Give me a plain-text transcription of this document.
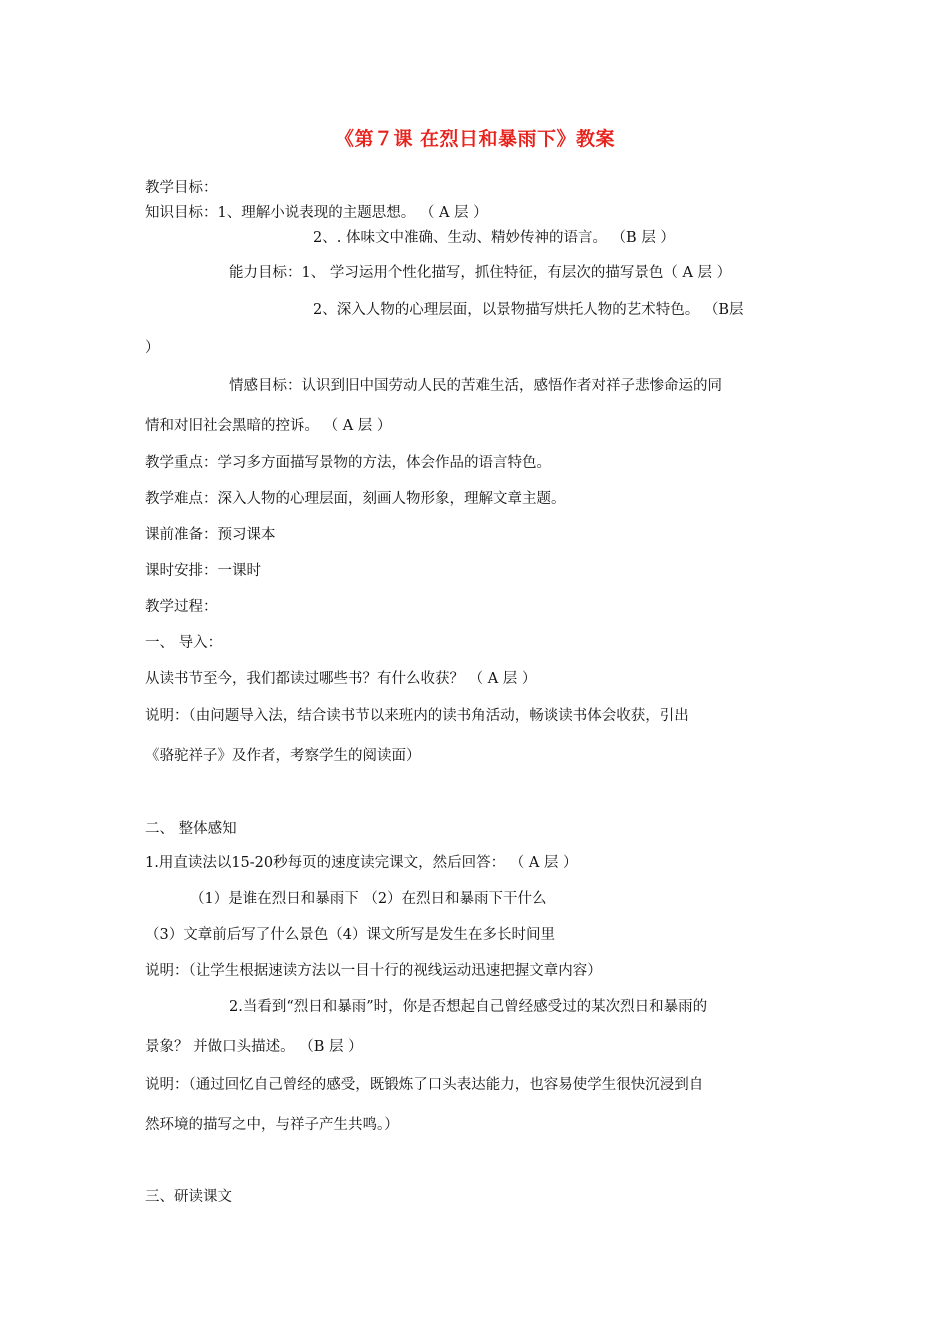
《第７课 在烈日和暴雨下》教案
教学目标：
知识目标：1、理解小说表现的主题思想。 （ A 层 ）
2、. 体味文中准确、生动、精妙传神的语言。 （B 层 ）
能力目标：1、 学习运用个性化描写，抓住特征，有层次的描写景色（ A 层 ）
2、深入人物的心理层面，以景物描写烘托人物的艺术特色。 （B层
）
情感目标：认识到旧中国劳动人民的苦难生活，感悟作者对祥子悲惨命运的同
情和对旧社会黑暗的控诉。 （ A 层 ）
教学重点：学习多方面描写景物的方法，体会作品的语言特色。
教学难点：深入人物的心理层面，刻画人物形象，理解文章主题。
课前准备：预习课本
课时安排：一课时
教学过程：
一、 导入：
从读书节至今，我们都读过哪些书？有什么收获？ （ A 层 ）
说明：（由问题导入法，结合读书节以来班内的读书角活动，畅谈读书体会收获，引出
《骆驼祥子》及作者，考察学生的阅读面）
二、 整体感知
1.用直读法以15-20秒每页的速度读完课文，然后回答： （ A 层 ）
（1）是谁在烈日和暴雨下 （2）在烈日和暴雨下干什么
（3）文章前后写了什么景色（4）课文所写是发生在多长时间里
说明：（让学生根据速读方法以一目十行的视线运动迅速把握文章内容）
2.当看到“烈日和暴雨”时，你是否想起自己曾经感受过的某次烈日和暴雨的
景象？ 并做口头描述。 （B 层 ）
说明：（通过回忆自己曾经的感受，既锻炼了口头表达能力，也容易使学生很快沉浸到自
然环境的描写之中，与祥子产生共鸣。）
三、研读课文
